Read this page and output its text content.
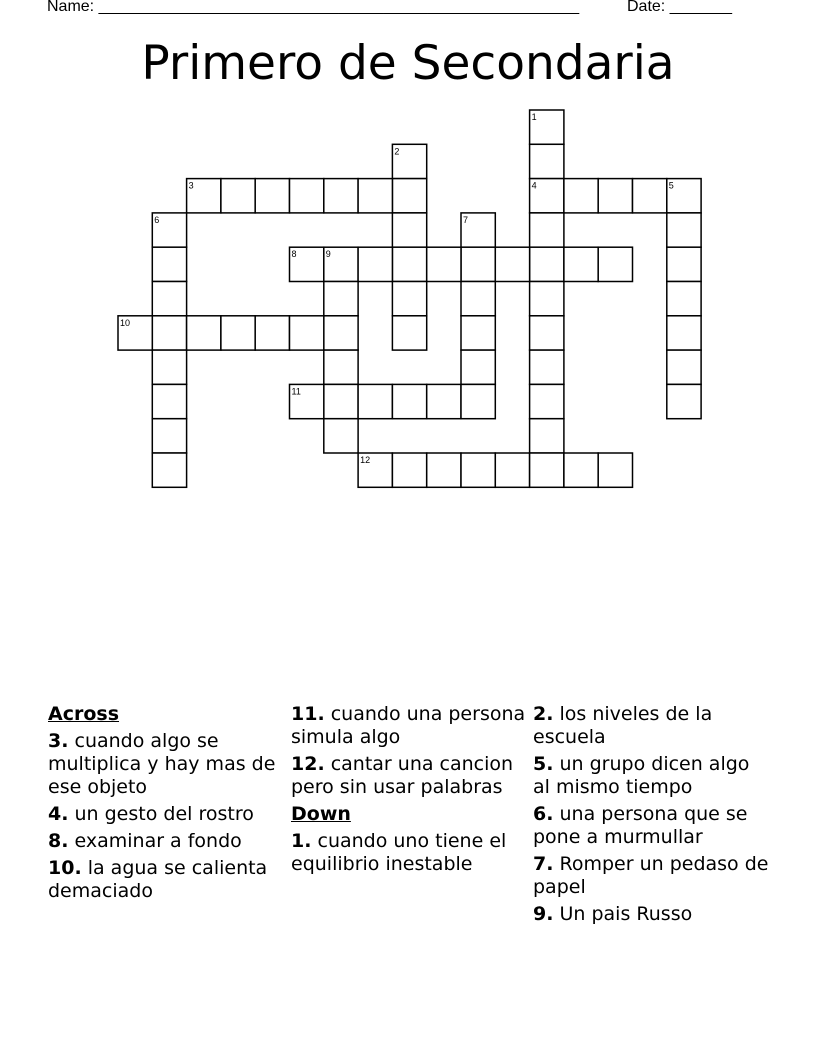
Name: ______________________________________________________	Date: _______
Primero de Secondaria
1
4
2
3	5
6	7
8	9
10
11
12
Across
3. cuando algo se multiplica y hay mas de ese objeto
4. un gesto del rostro
8. examinar a fondo
10. la agua se calienta demaciado
11. cuando una persona simula algo
12. cantar una cancion pero sin usar palabras
Down
1. cuando uno tiene el equilibrio inestable
2. los niveles de la escuela
5. un grupo dicen algo al mismo tiempo
6. una persona que se pone a murmullar
7. Romper un pedaso de papel
9. Un pais Russo
